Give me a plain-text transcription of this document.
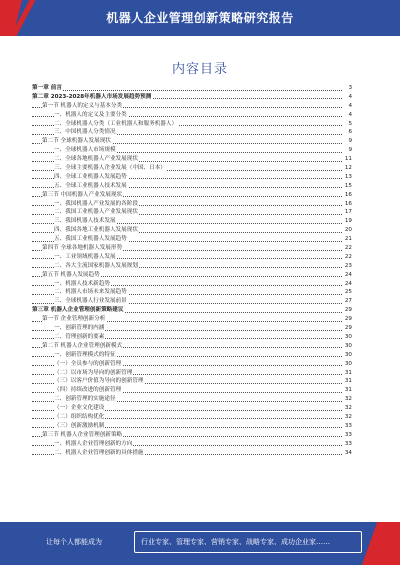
机器人企业管理创新策略研究报告
内容目录
第一章 前言	3
第二章 2023-2028年机器人市场发展趋势预测	4
第一节 机器人的定义与基本分类	4
一、机器人的定义及主要分类	4
二、全球机器人分类（工业机器人和服务机器人）	5
三、中国机器人分类情况	6
第二节 全球机器人发展现状	9
一、全球机器人市场规模	9
二、全球各地机器人产业发展现状	11
三、全球主要机器人企业发展（中国、日本）	12
四、全球工业机器人发展趋势	13
五、全球工业机器人技术发展	15
第三节 中国机器人产业发展现状	16
一、我国机器人产业发展的各阶段	16
二、我国工业机器人产业发展现状	17
三、我国机器人技术发展	19
四、我国各地工业机器人发展现状	20
五、我国工业机器人发展趋势	21
第四节 全球各地机器人发展形势	22
一、工业领域机器人发展	22
二、各大主流国家机器人发展规划	23
第五节 机器人发展趋势	24
一、机器人技术新趋势	24
二、机器人市场未来发展趋势	25
三、全球机器人行业发展前景	27
第三章 机器人企业管理创新策略建议	29
第一节 企业管理创新分析	29
一、创新管理的内涵	29
二、管理创新的要素	30
第二节 机器人企业管理创新模式	30
一、创新管理模式的特征	30
（一）全员参与的创新管理	30
（二）以市场为导向的创新管理	31
（三）以客户价值为导向的创新管理	31
（四）持续改进的创新管理	31
二、创新管理的实施途径	32
（一）企业文化建设	32
（二）组织结构优化	32
（三）创新激励机制	33
第三节 机器人企业管理创新策略	33
一、机器人企业管理创新的方向	33
二、机器人企业管理创新的具体措施	34
让每个人都能成为	行业专家、管理专家、营销专家、战略专家、成功企业家……
